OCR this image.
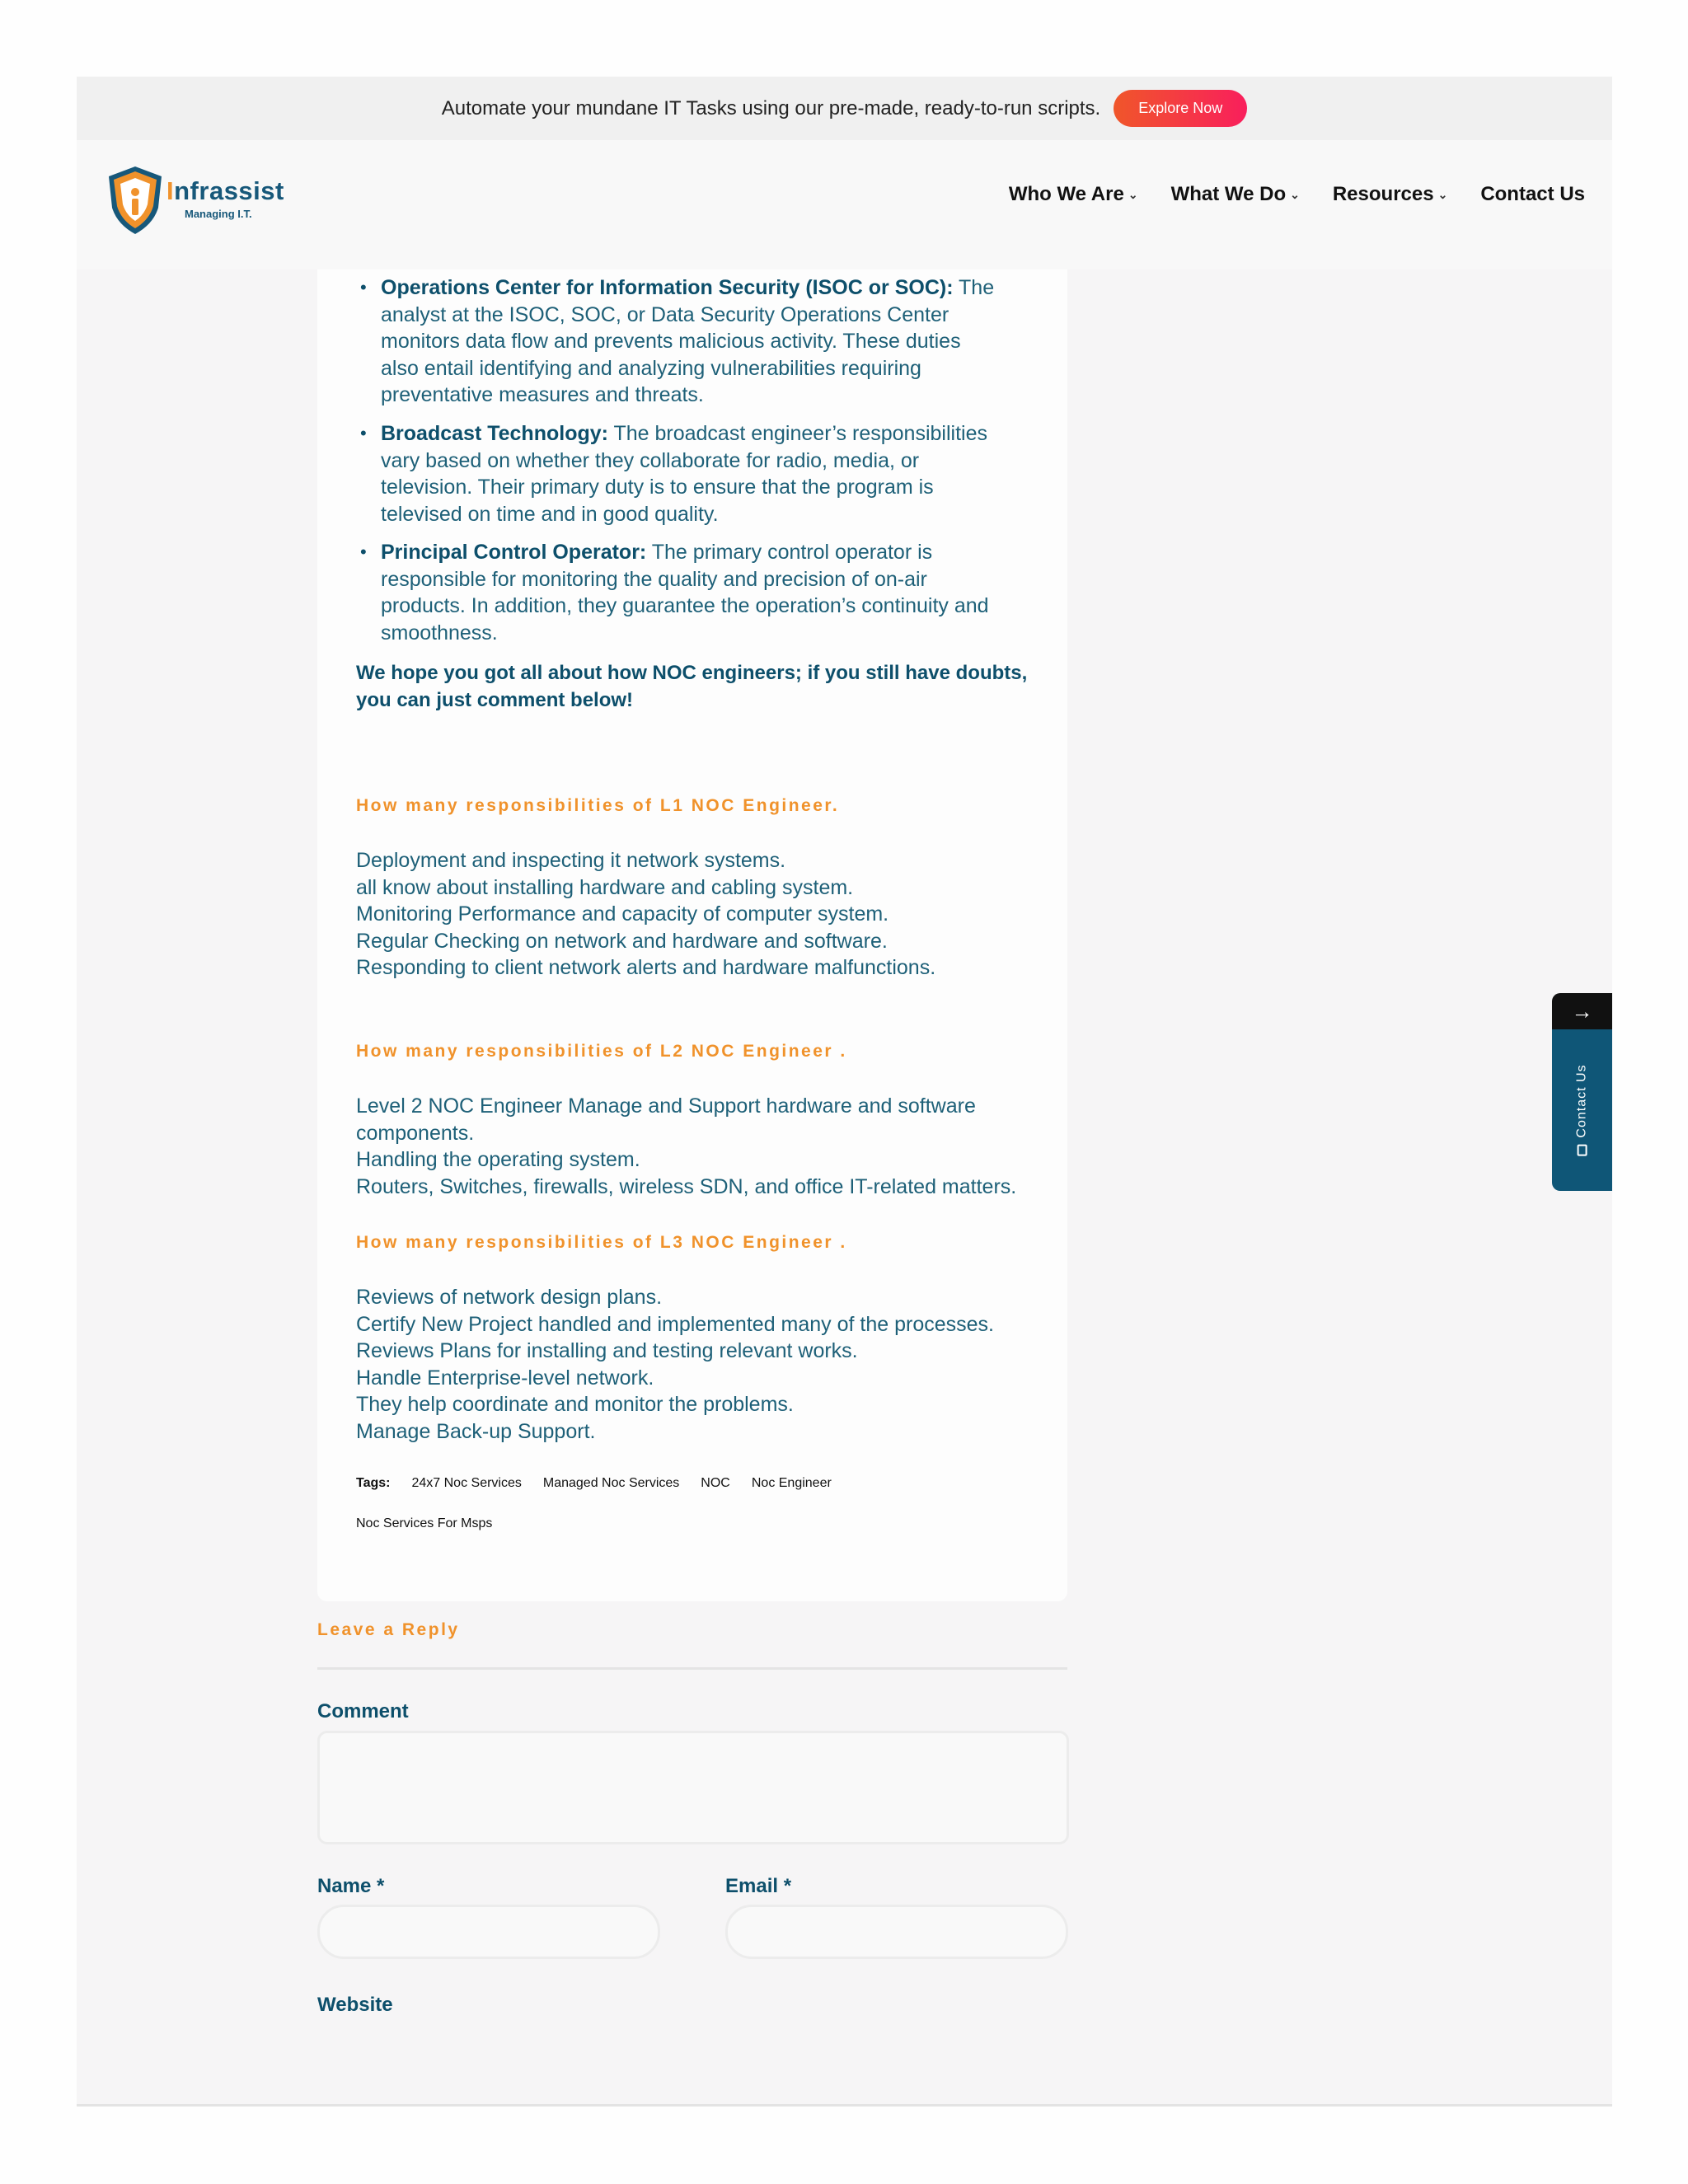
Automate your mundane IT Tasks using our pre-made, ready-to-run scripts.	Explore Now
Infrassist
Managing I.T.
Who We Are ⌄ What We Do ⌄ Resources ⌄ Contact Us
• Operations Center for Information Security (ISOC or SOC): The
analyst at the ISOC, SOC, or Data Security Operations Center
monitors data flow and prevents malicious activity. These duties
also entail identifying and analyzing vulnerabilities requiring
preventative measures and threats.
• Broadcast Technology: The broadcast engineer’s responsibilities
vary based on whether they collaborate for radio, media, or
television. Their primary duty is to ensure that the program is
televised on time and in good quality.
• Principal Control Operator: The primary control operator is
responsible for monitoring the quality and precision of on-air
products. In addition, they guarantee the operation’s continuity and
smoothness.
We hope you got all about how NOC engineers; if you still have doubts,
you can just comment below!
How many responsibilities of L1 NOC Engineer.
Deployment and inspecting it network systems.
all know about installing hardware and cabling system.
Monitoring Performance and capacity of computer system.
Regular Checking on network and hardware and software.
Responding to client network alerts and hardware malfunctions.
How many responsibilities of L2 NOC Engineer .
Level 2 NOC Engineer Manage and Support hardware and software
components.
Handling the operating system.
Routers, Switches, firewalls, wireless SDN, and office IT-related matters.
How many responsibilities of L3 NOC Engineer .
Reviews of network design plans.
Certify New Project handled and implemented many of the processes.
Reviews Plans for installing and testing relevant works.
Handle Enterprise-level network.
They help coordinate and monitor the problems.
Manage Back-up Support.
Tags: 24x7 Noc Services Managed Noc Services NOC Noc Engineer
Noc Services For Msps
Leave a Reply
Comment
Name *	Email *
Website
→
Contact Us
